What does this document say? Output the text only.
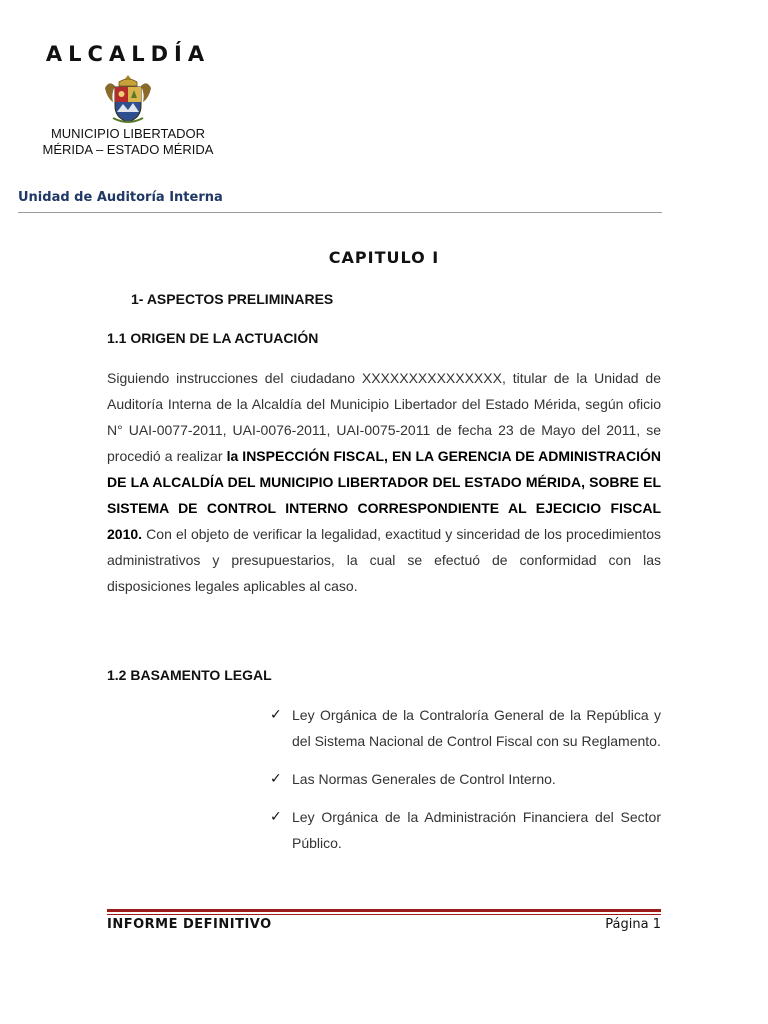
ALCALDÍA
MUNICIPIO LIBERTADOR
MÉRIDA – ESTADO MÉRIDA
Unidad de Auditoría Interna
CAPITULO I
1- ASPECTOS PRELIMINARES
1.1 ORIGEN DE LA ACTUACIÓN
Siguiendo instrucciones del ciudadano XXXXXXXXXXXXXXX, titular de la Unidad de Auditoría Interna de la Alcaldía del Municipio Libertador del Estado Mérida, según oficio N° UAI-0077-2011, UAI-0076-2011, UAI-0075-2011 de fecha 23 de Mayo del 2011, se procedió a realizar la INSPECCIÓN FISCAL, EN LA GERENCIA DE ADMINISTRACIÓN DE LA ALCALDÍA DEL MUNICIPIO LIBERTADOR DEL ESTADO MÉRIDA, SOBRE EL SISTEMA DE CONTROL INTERNO CORRESPONDIENTE AL EJECICIO FISCAL 2010. Con el objeto de verificar la legalidad, exactitud y sinceridad de los procedimientos administrativos y presupuestarios, la cual se efectuó de conformidad con las disposiciones legales aplicables al caso.
1.2 BASAMENTO LEGAL
✓ Ley Orgánica de la Contraloría General de la República y del Sistema Nacional de Control Fiscal con su Reglamento.
✓ Las Normas Generales de Control Interno.
✓ Ley Orgánica de la Administración Financiera del Sector Público.
INFORME DEFINITIVO	Página 1
